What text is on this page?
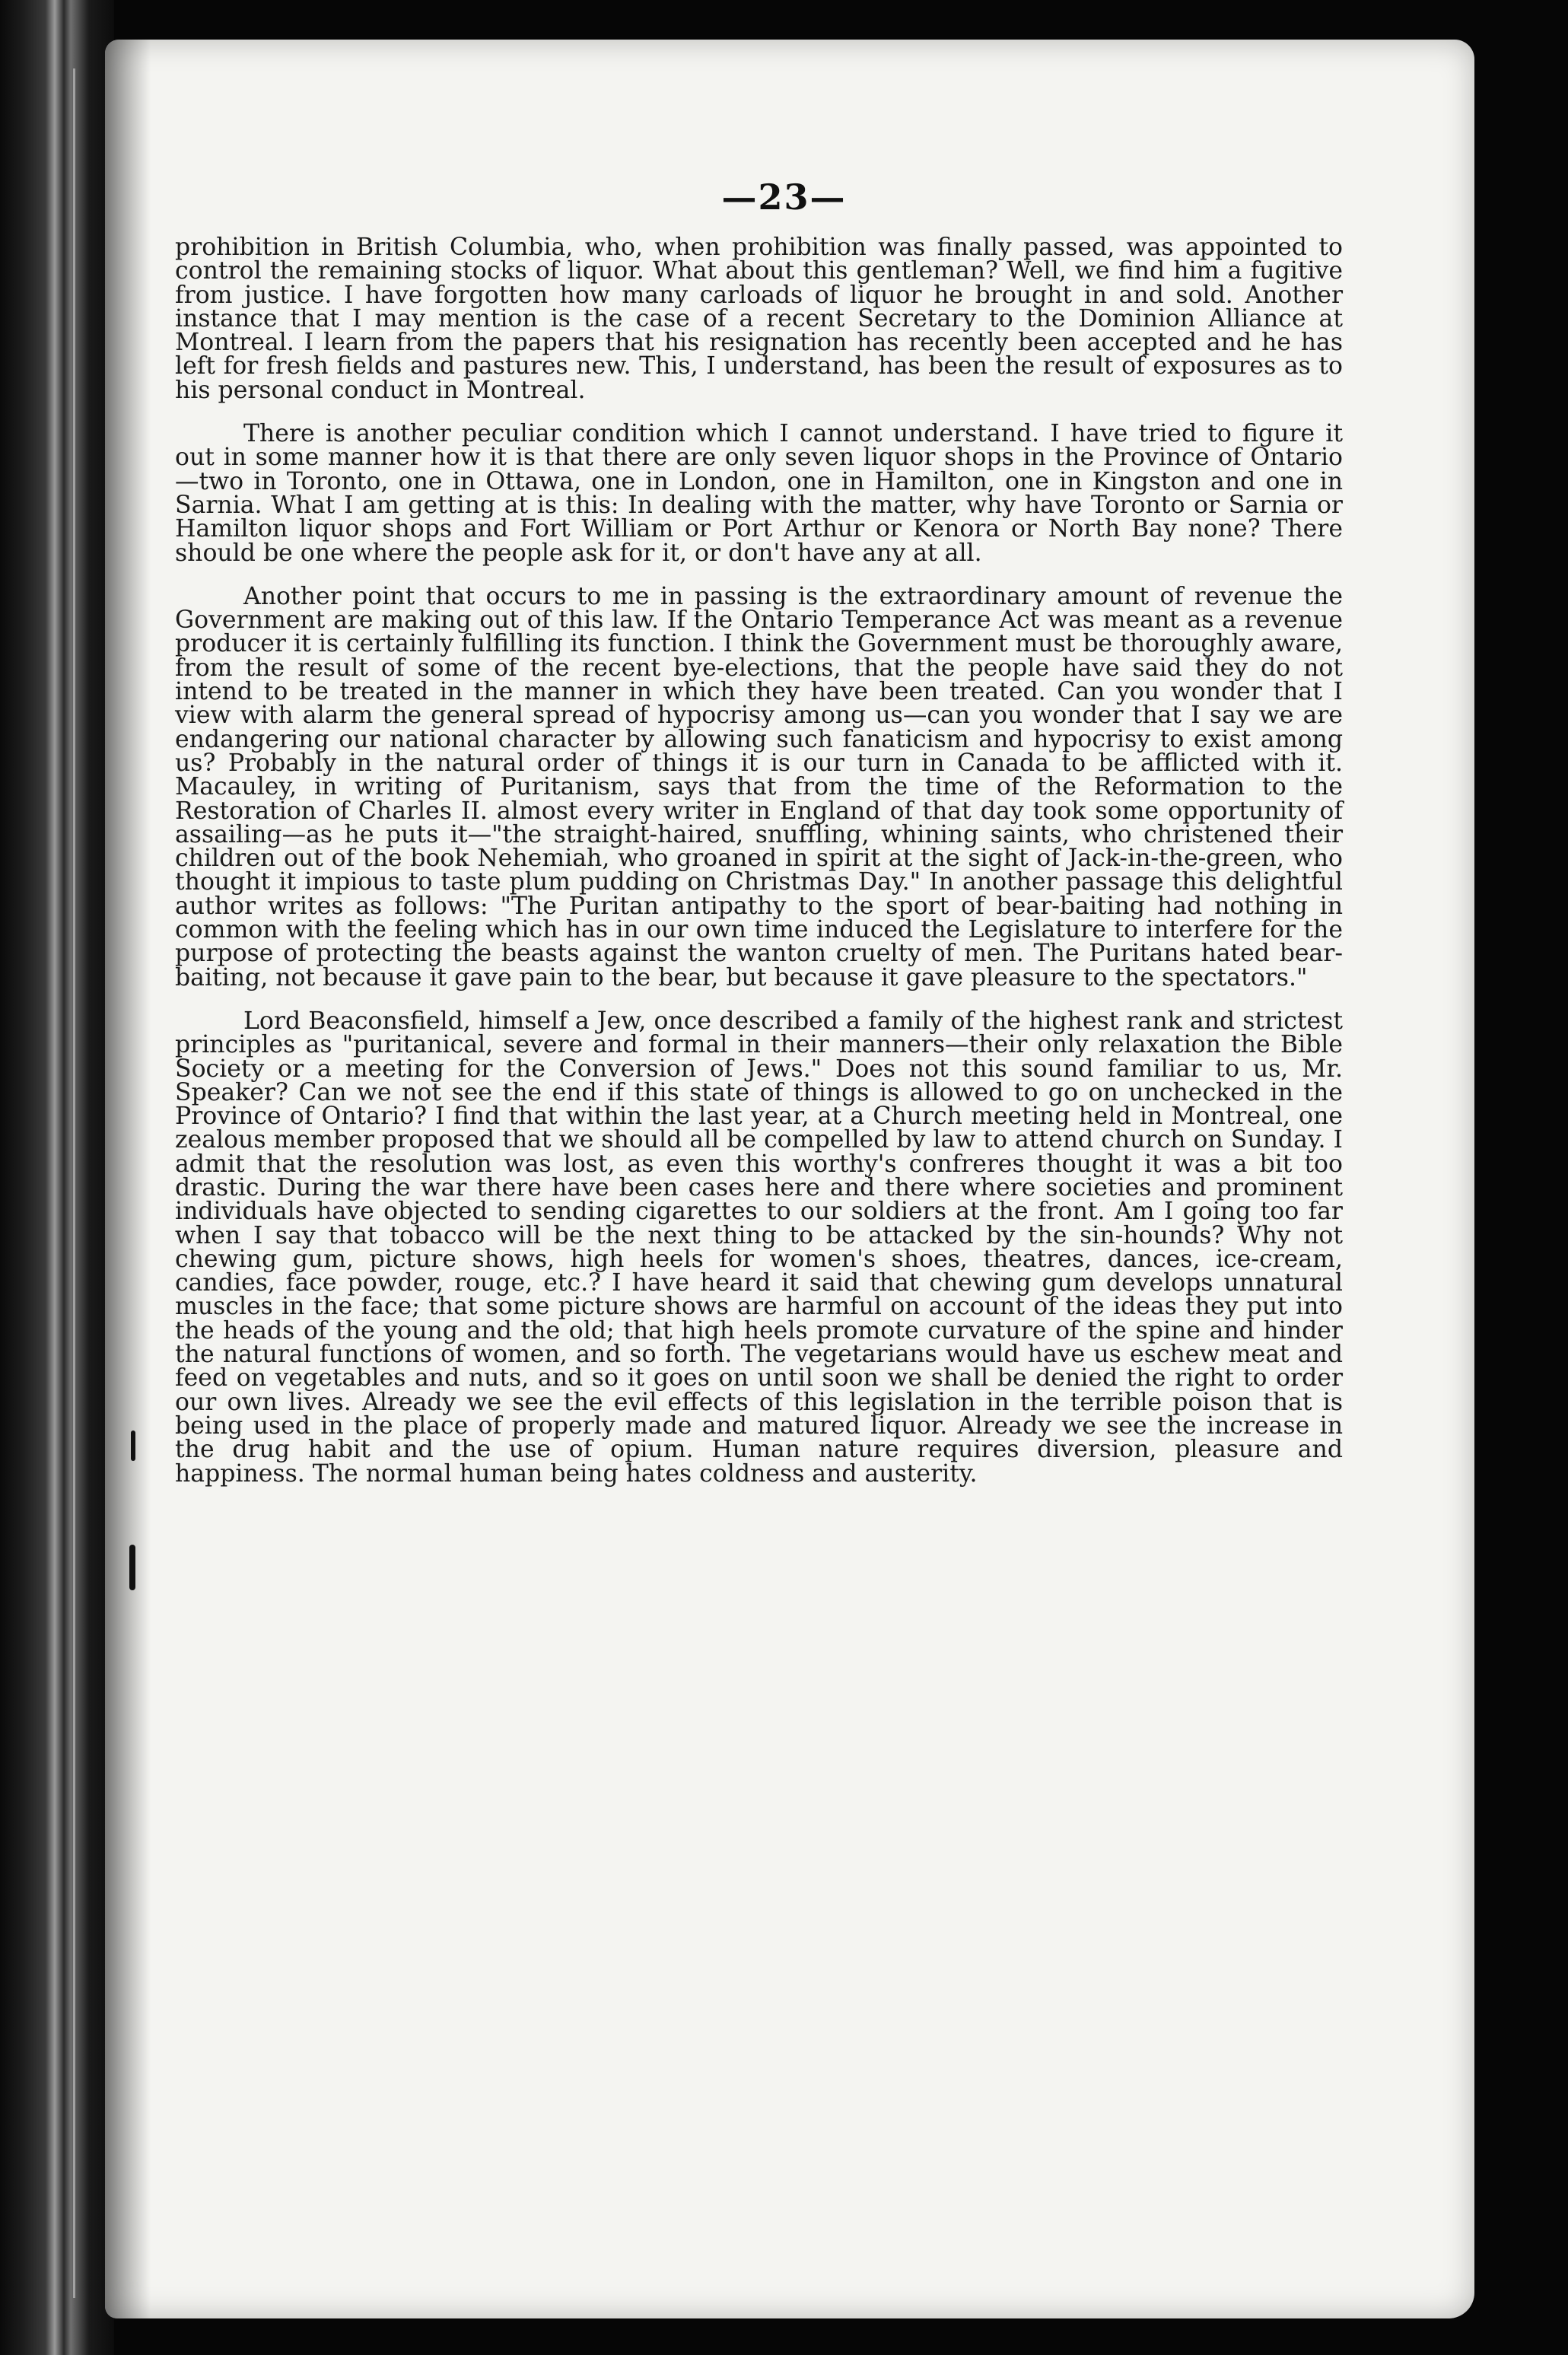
—23—

prohibition in British Columbia, who, when prohibition was finally passed, was appointed to control the remaining stocks of liquor. What about this gentleman? Well, we find him a fugitive from justice. I have forgotten how many carloads of liquor he brought in and sold. Another instance that I may mention is the case of a recent Secretary to the Dominion Alliance at Montreal. I learn from the papers that his resignation has recently been accepted and he has left for fresh fields and pastures new. This, I understand, has been the result of exposures as to his personal conduct in Montreal.

There is another peculiar condition which I cannot understand. I have tried to figure it out in some manner how it is that there are only seven liquor shops in the Province of Ontario—two in Toronto, one in Ottawa, one in London, one in Hamilton, one in Kingston and one in Sarnia. What I am getting at is this: In dealing with the matter, why have Toronto or Sarnia or Hamilton liquor shops and Fort William or Port Arthur or Kenora or North Bay none? There should be one where the people ask for it, or don't have any at all.

Another point that occurs to me in passing is the extraordinary amount of revenue the Government are making out of this law. If the Ontario Temperance Act was meant as a revenue producer it is certainly fulfilling its function. I think the Government must be thoroughly aware, from the result of some of the recent bye-elections, that the people have said they do not intend to be treated in the manner in which they have been treated. Can you wonder that I view with alarm the general spread of hypocrisy among us—can you wonder that I say we are endangering our national character by allowing such fanaticism and hypocrisy to exist among us? Probably in the natural order of things it is our turn in Canada to be afflicted with it. Macauley, in writing of Puritanism, says that from the time of the Reformation to the Restoration of Charles II. almost every writer in England of that day took some opportunity of assailing—as he puts it—"the straight-haired, snuffling, whining saints, who christened their children out of the book Nehemiah, who groaned in spirit at the sight of Jack-in-the-green, who thought it impious to taste plum pudding on Christmas Day." In another passage this delightful author writes as follows: "The Puritan antipathy to the sport of bear-baiting had nothing in common with the feeling which has in our own time induced the Legislature to interfere for the purpose of protecting the beasts against the wanton cruelty of men. The Puritans hated bear-baiting, not because it gave pain to the bear, but because it gave pleasure to the spectators."

Lord Beaconsfield, himself a Jew, once described a family of the highest rank and strictest principles as "puritanical, severe and formal in their manners—their only relaxation the Bible Society or a meeting for the Conversion of Jews." Does not this sound familiar to us, Mr. Speaker? Can we not see the end if this state of things is allowed to go on unchecked in the Province of Ontario? I find that within the last year, at a Church meeting held in Montreal, one zealous member proposed that we should all be compelled by law to attend church on Sunday. I admit that the resolution was lost, as even this worthy's confreres thought it was a bit too drastic. During the war there have been cases here and there where societies and prominent individuals have objected to sending cigarettes to our soldiers at the front. Am I going too far when I say that tobacco will be the next thing to be attacked by the sin-hounds? Why not chewing gum, picture shows, high heels for women's shoes, theatres, dances, ice-cream, candies, face powder, rouge, etc.? I have heard it said that chewing gum develops unnatural muscles in the face; that some picture shows are harmful on account of the ideas they put into the heads of the young and the old; that high heels promote curvature of the spine and hinder the natural functions of women, and so forth. The vegetarians would have us eschew meat and feed on vegetables and nuts, and so it goes on until soon we shall be denied the right to order our own lives. Already we see the evil effects of this legislation in the terrible poison that is being used in the place of properly made and matured liquor. Already we see the increase in the drug habit and the use of opium. Human nature requires diversion, pleasure and happiness. The normal human being hates coldness and austerity.
